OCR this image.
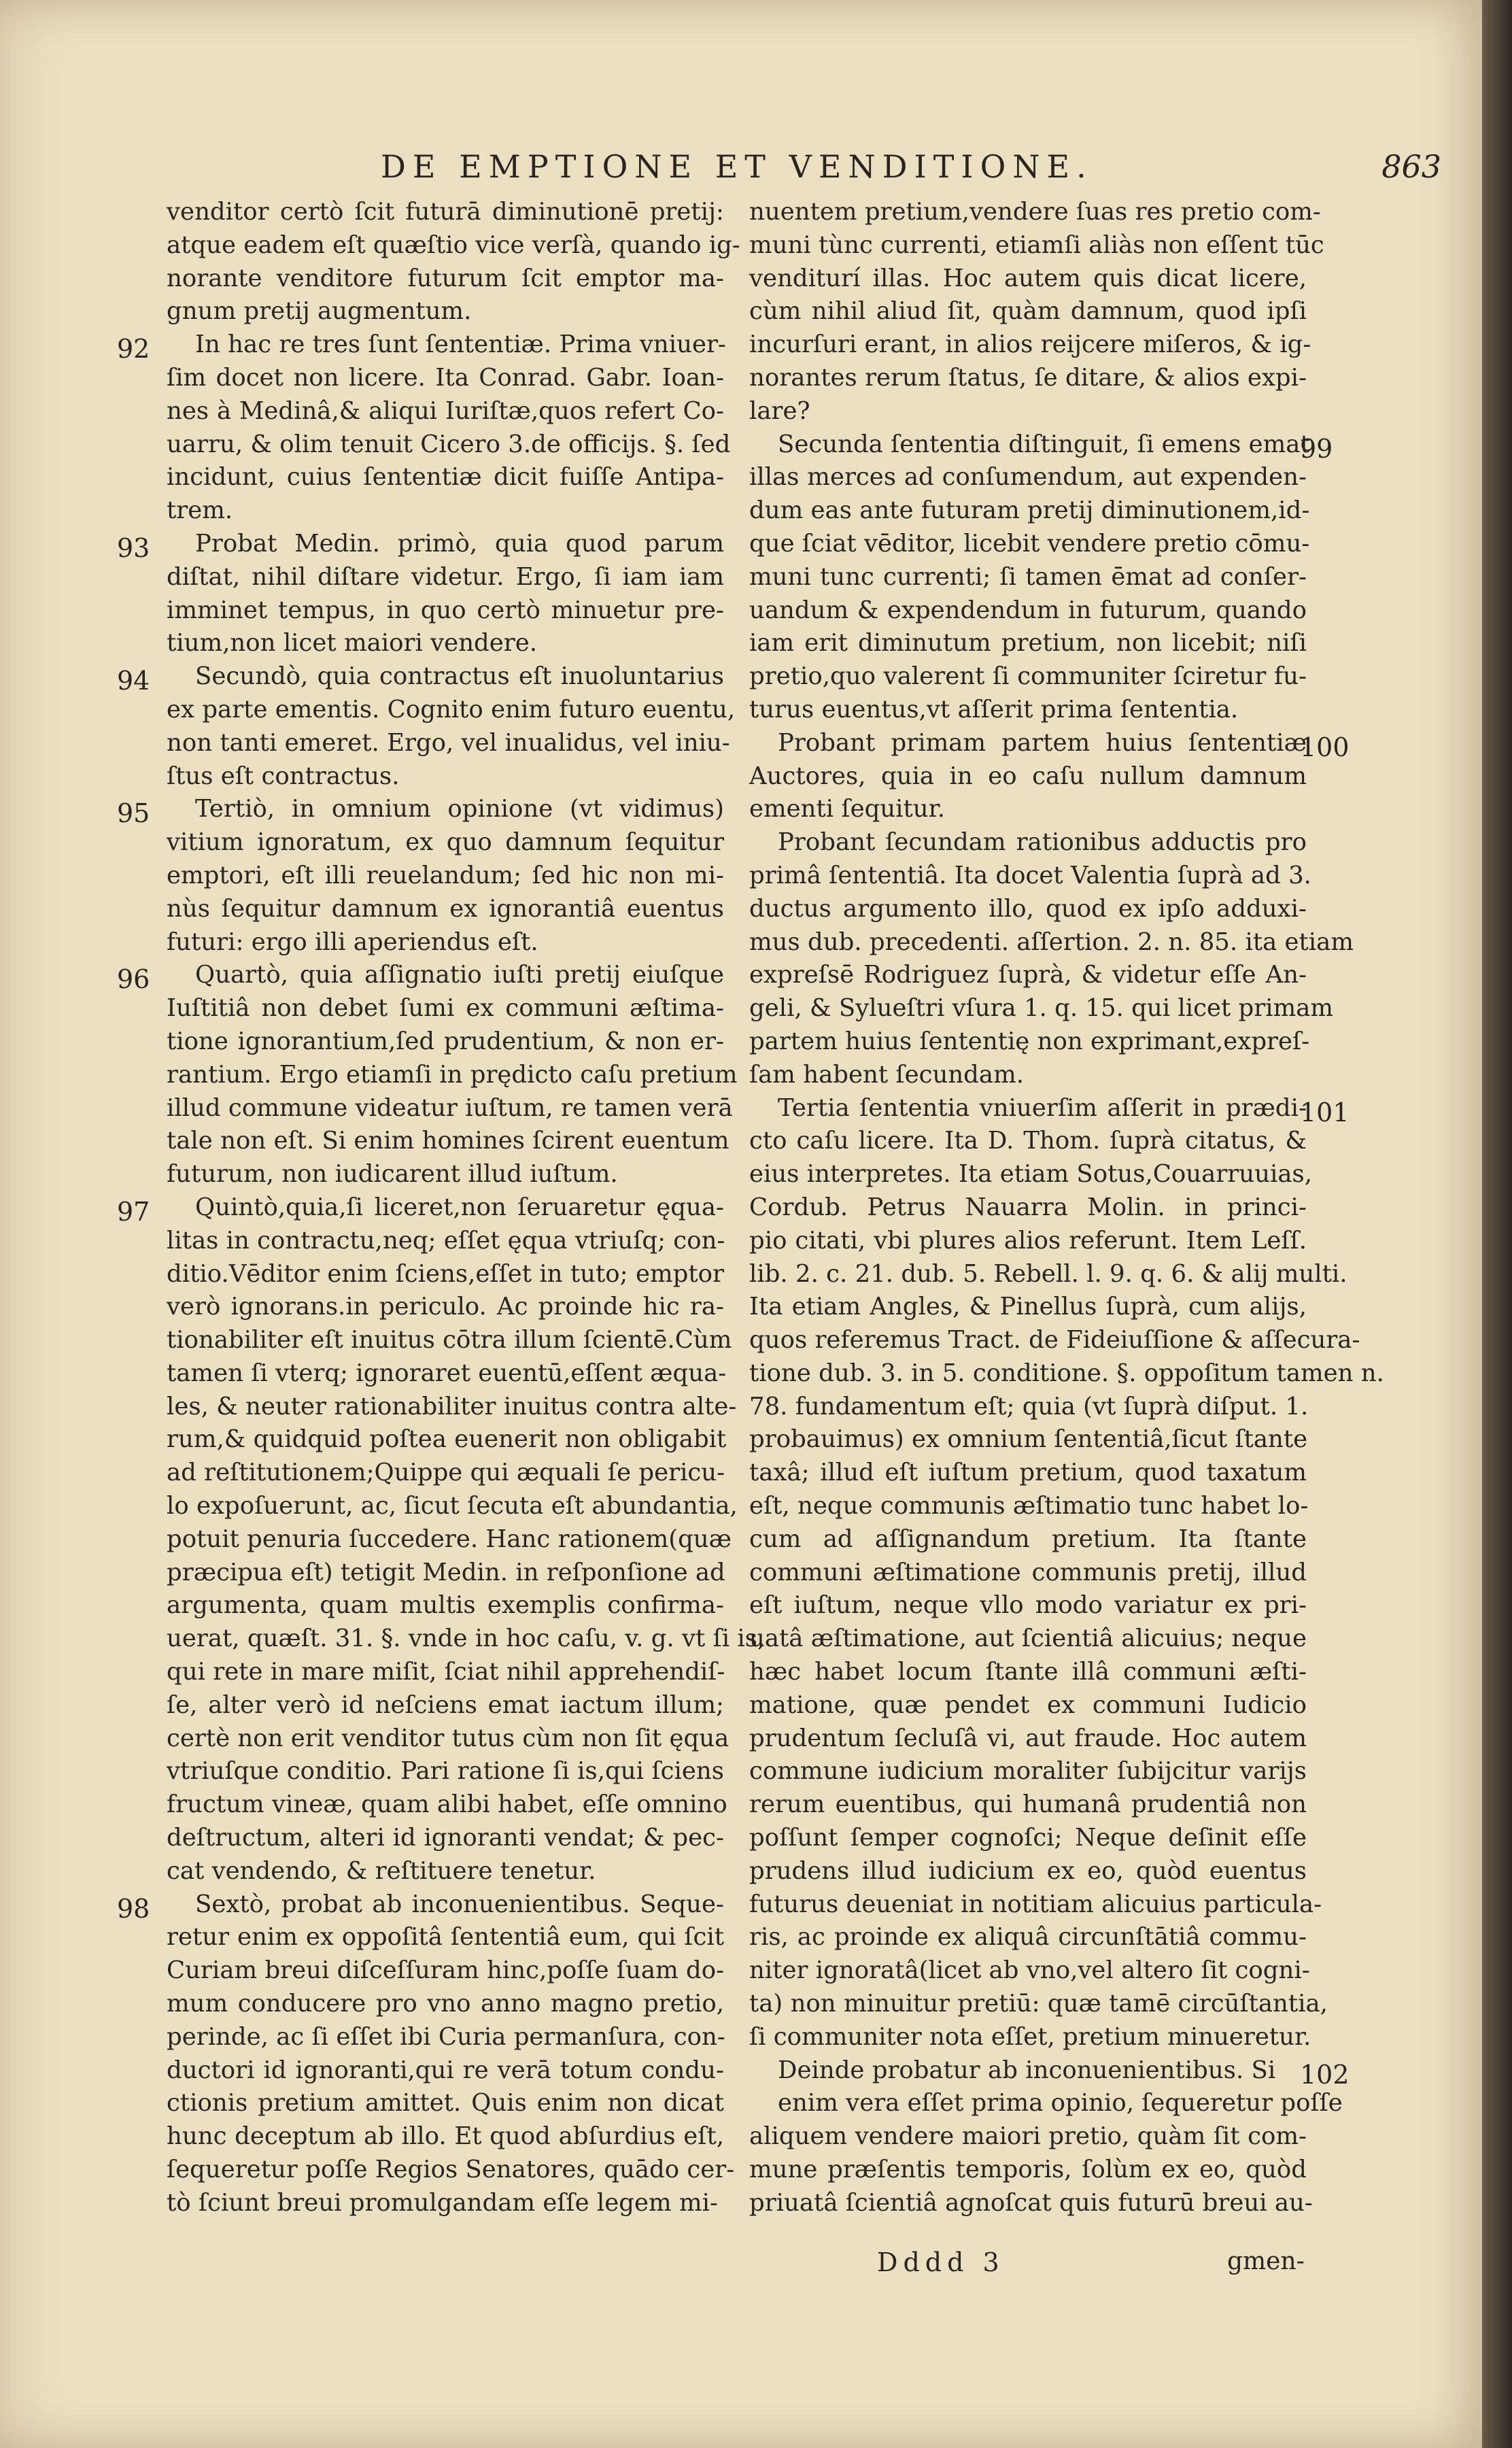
DE EMPTIONE ET VENDITIONE.	863
venditor certò ſcit futurā diminutionē pretij:
atque eadem eſt quæſtio vice verſà, quando ig-
norante venditore futurum ſcit emptor ma-
gnum pretij augmentum.
In hac re tres ſunt ſententiæ. Prima vniuer-
ſim docet non licere. Ita Conrad. Gabr. Ioan-
nes à Medinâ,& aliqui Iuriſtæ,quos refert Co-
uarru, & olim tenuit Cicero 3.de officijs. §. ſed
incidunt, cuius ſententiæ dicit fuiſſe Antipa-
trem.
Probat Medin. primò, quia quod parum
diſtat, nihil diſtare videtur. Ergo, ſi iam iam
imminet tempus, in quo certò minuetur pre-
tium,non licet maiori vendere.
Secundò, quia contractus eſt inuoluntarius
ex parte ementis. Cognito enim futuro euentu,
non tanti emeret. Ergo, vel inualidus, vel iniu-
ſtus eſt contractus.
Tertiò, in omnium opinione (vt vidimus)
vitium ignoratum, ex quo damnum ſequitur
emptori, eſt illi reuelandum; ſed hic non mi-
nùs ſequitur damnum ex ignorantiâ euentus
futuri: ergo illi aperiendus eſt.
Quartò, quia aſſignatio iuſti pretij eiuſque
Iuſtitiâ non debet ſumi ex communi æſtima-
tione ignorantium,ſed prudentium, & non er-
rantium. Ergo etiamſi in prędicto caſu pretium
illud commune videatur iuſtum, re tamen verā
tale non eſt. Si enim homines ſcirent euentum
futurum, non iudicarent illud iuſtum.
Quintò,quia,ſi liceret,non ſeruaretur ęqua-
litas in contractu,neq; eſſet ęqua vtriuſq; con-
ditio.Vēditor enim ſciens,eſſet in tuto; emptor
verò ignorans.in periculo. Ac proinde hic ra-
tionabiliter eſt inuitus cōtra illum ſcientē.Cùm
tamen ſi vterq; ignoraret euentū,eſſent æqua-
les, & neuter rationabiliter inuitus contra alte-
rum,& quidquid poſtea euenerit non obligabit
ad reſtitutionem;Quippe qui æquali ſe pericu-
lo expoſuerunt, ac, ſicut ſecuta eſt abundantia,
potuit penuria ſuccedere. Hanc rationem(quæ
præcipua eſt) tetigit Medin. in reſponſione ad
argumenta, quam multis exemplis confirma-
uerat, quæſt. 31. §. vnde in hoc caſu, v. g. vt ſi is,
qui rete in mare miſit, ſciat nihil apprehendiſ-
ſe, alter verò id neſciens emat iactum illum;
certè non erit venditor tutus cùm non ſit ęqua
vtriuſque conditio. Pari ratione ſi is,qui ſciens
fructum vineæ, quam alibi habet, eſſe omnino
deſtructum, alteri id ignoranti vendat; & pec-
cat vendendo, & reſtituere tenetur.
Sextò, probat ab inconuenientibus. Seque-
retur enim ex oppoſitâ ſententiâ eum, qui ſcit
Curiam breui diſceſſuram hinc,poſſe ſuam do-
mum conducere pro vno anno magno pretio,
perinde, ac ſi eſſet ibi Curia permanſura, con-
ductori id ignoranti,qui re verā totum condu-
ctionis pretium amittet. Quis enim non dicat
hunc deceptum ab illo. Et quod abſurdius eſt,
ſequeretur poſſe Regios Senatores, quādo cer-
tò ſciunt breui promulgandam eſſe legem mi-
nuentem pretium,vendere ſuas res pretio com-
muni tùnc currenti, etiamſi aliàs non eſſent tūc
venditurí illas. Hoc autem quis dicat licere,
cùm nihil aliud ſit, quàm damnum, quod ipſi
incurſuri erant, in alios reijcere miſeros, & ig-
norantes rerum ſtatus, ſe ditare, & alios expi-
lare?
Secunda ſententia diſtinguit, ſi emens emat
illas merces ad conſumendum, aut expenden-
dum eas ante futuram pretij diminutionem,id-
que ſciat vēditor, licebit vendere pretio cōmu-
muni tunc currenti; ſi tamen ēmat ad conſer-
uandum & expendendum in futurum, quando
iam erit diminutum pretium, non licebit; niſi
pretio,quo valerent ſi communiter ſciretur fu-
turus euentus,vt aſſerit prima ſententia.
Probant primam partem huius ſententiæ
Auctores, quia in eo caſu nullum damnum
ementi ſequitur.
Probant ſecundam rationibus adductis pro
primâ ſententiâ. Ita docet Valentia ſuprà ad 3.
ductus argumento illo, quod ex ipſo adduxi-
mus dub. precedenti. aſſertion. 2. n. 85. ita etiam
expreſsē Rodriguez ſuprà, & videtur eſſe An-
geli, & Sylueſtri vſura 1. q. 15. qui licet primam
partem huius ſententię non exprimant,expreſ-
ſam habent ſecundam.
Tertia ſententia vniuerſim aſſerit in prædi-
cto caſu licere. Ita D. Thom. ſuprà citatus, &
eius interpretes. Ita etiam Sotus,Couarruuias,
Cordub. Petrus Nauarra Molin. in princi-
pio citati, vbi plures alios referunt. Item Leſſ.
lib. 2. c. 21. dub. 5. Rebell. l. 9. q. 6. & alij multi.
Ita etiam Angles, & Pinellus ſuprà, cum alijs,
quos referemus Tract. de Fideiuſſione & aſſecura-
tione dub. 3. in 5. conditione. §. oppoſitum tamen n.
78. fundamentum eſt; quia (vt ſuprà diſput. 1.
probauimus) ex omnium ſententiâ,ſicut ſtante
taxâ; illud eſt iuſtum pretium, quod taxatum
eſt, neque communis æſtimatio tunc habet lo-
cum ad aſſignandum pretium. Ita ſtante
communi æſtimatione communis pretij, illud
eſt iuſtum, neque vllo modo variatur ex pri-
uatâ æſtimatione, aut ſcientiâ alicuius; neque
hæc habet locum ſtante illâ communi æſti-
matione, quæ pendet ex communi Iudicio
prudentum ſecluſâ vi, aut fraude. Hoc autem
commune iudicium moraliter ſubijcitur varijs
rerum euentibus, qui humanâ prudentiâ non
poſſunt ſemper cognoſci; Neque deſinit eſſe
prudens illud iudicium ex eo, quòd euentus
futurus deueniat in notitiam alicuius particula-
ris, ac proinde ex aliquâ circunſtātiâ commu-
niter ignoratâ(licet ab vno,vel altero ſit cogni-
ta) non minuitur pretiū: quæ tamē circūſtantia,
ſi communiter nota eſſet, pretium minueretur.
Deinde probatur ab inconuenientibus. Si
enim vera eſſet prima opinio, ſequeretur poſſe
aliquem vendere maiori pretio, quàm ſit com-
mune præſentis temporis, ſolùm ex eo, quòd
priuatâ ſcientiâ agnoſcat quis futurū breui au-
92
93
94
95
96
97
98
99
100
101
102
Dddd 3	gmen-
